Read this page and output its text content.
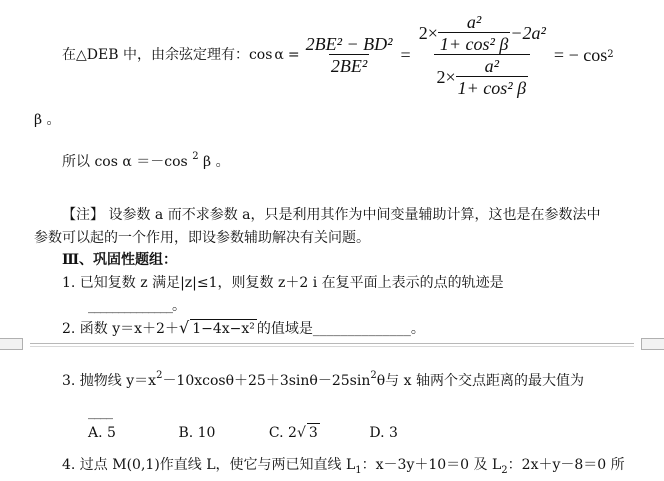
在△DEB 中，由余弦定理有：$\cos \alpha = \frac{\text{2BE² − BD²}}{\text{2BE²}} = \frac{2\times \frac{\text{a²}}{\text{1+ cos² β}} -2a^2}{2\times \frac{\text{a²}}{\text{1+ cos² β}}}$ = − cos 2
β 。
所以 cos α ＝－cos $^2$ β 。
【注】 设参数 a 而不求参数 a，只是利用其作为中间变量辅助计算，这也是在参数法中
参数可以起的一个作用，即设参数辅助解决有关问题。
Ⅲ、巩固性题组：
1. 已知复数 z 满足|z|≤1，则复数 z＋2 i 在复平面上表示的点的轨迹是
______________。
2. 函数 y＝x＋2＋√ 1−4x−x² 的值域是______________。
3. 抛物线 $y=x^2-10xcos\theta+25+3\sin\theta-25\sin^2\theta$与 x 轴两个交点距离的最大值为
____
A. 5	B. 10	C. 2√ 3	D. 3
4. 过点 M(0,1)作直线 L，使它与两已知直线 $L_1$：x－3y＋10＝0 及 $L_2$：2x＋y－8＝0 所
